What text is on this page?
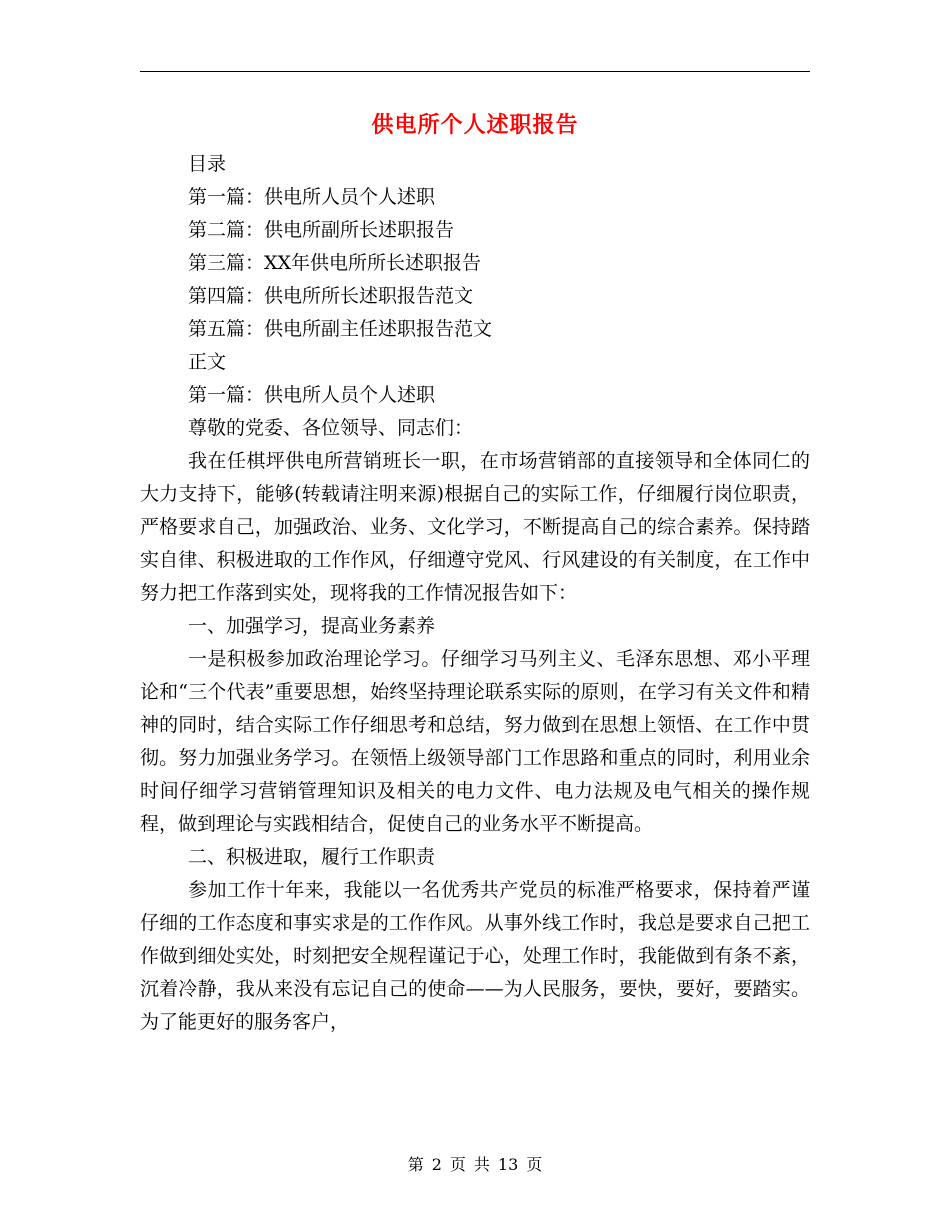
供电所个人述职报告
目录
第一篇：供电所人员个人述职
第二篇：供电所副所长述职报告
第三篇：XX年供电所所长述职报告
第四篇：供电所所长述职报告范文
第五篇：供电所副主任述职报告范文
正文
第一篇：供电所人员个人述职
尊敬的党委、各位领导、同志们：
我在任棋坪供电所营销班长一职，在市场营销部的直接领导和全体同仁的大力支持下，能够(转载请注明来源)根据自己的实际工作，仔细履行岗位职责，严格要求自己，加强政治、业务、文化学习，不断提高自己的综合素养。保持踏实自律、积极进取的工作作风，仔细遵守党风、行风建设的有关制度，在工作中努力把工作落到实处，现将我的工作情况报告如下：
一、加强学习，提高业务素养
一是积极参加政治理论学习。仔细学习马列主义、毛泽东思想、邓小平理论和“三个代表”重要思想，始终坚持理论联系实际的原则，在学习有关文件和精神的同时，结合实际工作仔细思考和总结，努力做到在思想上领悟、在工作中贯彻。努力加强业务学习。在领悟上级领导部门工作思路和重点的同时，利用业余时间仔细学习营销管理知识及相关的电力文件、电力法规及电气相关的操作规程，做到理论与实践相结合，促使自己的业务水平不断提高。
二、积极进取，履行工作职责
参加工作十年来，我能以一名优秀共产党员的标准严格要求，保持着严谨仔细的工作态度和事实求是的工作作风。从事外线工作时，我总是要求自己把工作做到细处实处，时刻把安全规程谨记于心，处理工作时，我能做到有条不紊，沉着冷静，我从来没有忘记自己的使命——为人民服务，要快，要好，要踏实。为了能更好的服务客户，
第 2 页 共 13 页
